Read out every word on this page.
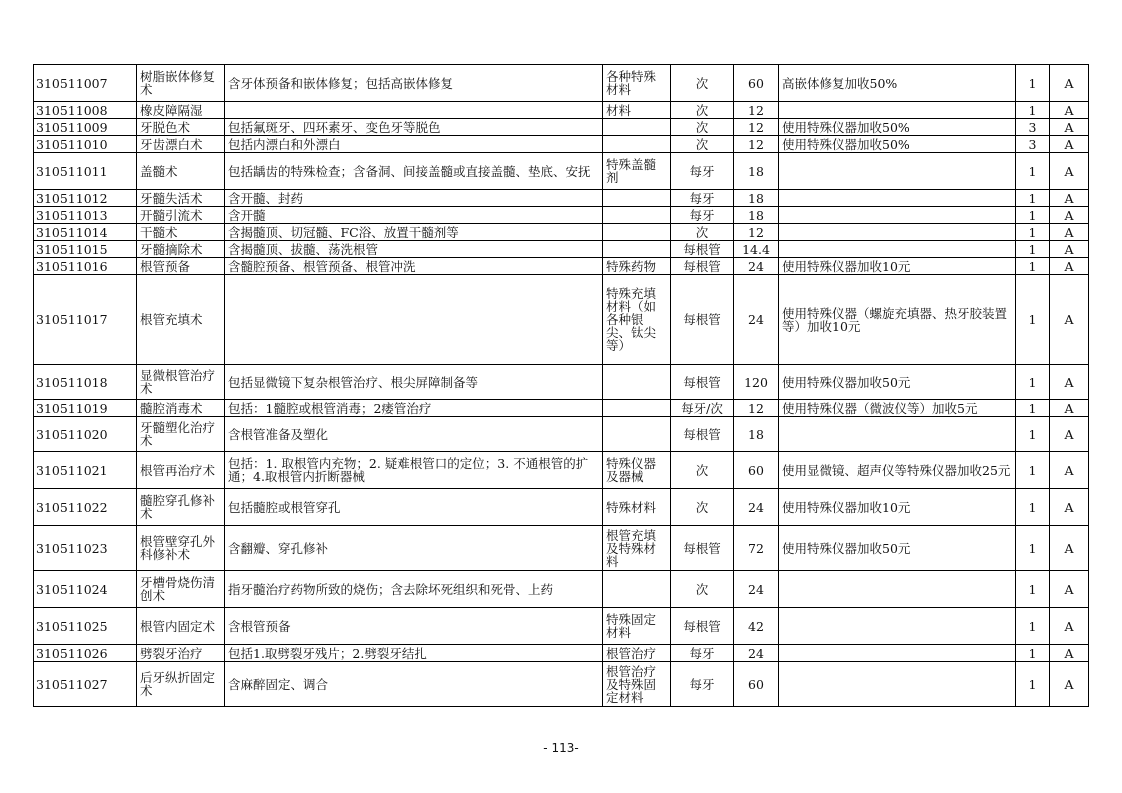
310511007	树脂嵌体修复术	含牙体预备和嵌体修复；包括高嵌体修复	各种特殊材料	次	60	高嵌体修复加收50%	1	A
310511008	橡皮障隔湿		材料	次	12		1	A
310511009	牙脱色术	包括氟斑牙、四环素牙、变色牙等脱色		次	12	使用特殊仪器加收50%	3	A
310511010	牙齿漂白术	包括内漂白和外漂白		次	12	使用特殊仪器加收50%	3	A
310511011	盖髓术	包括龋齿的特殊检查；含备洞、间接盖髓或直接盖髓、垫底、安抚	特殊盖髓剂	每牙	18		1	A
310511012	牙髓失活术	含开髓、封药		每牙	18		1	A
310511013	开髓引流术	含开髓		每牙	18		1	A
310511014	干髓术	含揭髓顶、切冠髓、FC浴、放置干髓剂等		次	12		1	A
310511015	牙髓摘除术	含揭髓顶、拔髓、荡洗根管		每根管	14.4		1	A
310511016	根管预备	含髓腔预备、根管预备、根管冲洗	特殊药物	每根管	24	使用特殊仪器加收10元	1	A
310511017	根管充填术		特殊充填材料（如各种银尖、钛尖等）	每根管	24	使用特殊仪器（螺旋充填器、热牙胶装置等）加收10元	1	A
310511018	显微根管治疗术	包括显微镜下复杂根管治疗、根尖屏障制备等		每根管	120	使用特殊仪器加收50元	1	A
310511019	髓腔消毒术	包括：1髓腔或根管消毒；2瘘管治疗		每牙/次	12	使用特殊仪器（微波仪等）加收5元	1	A
310511020	牙髓塑化治疗术	含根管准备及塑化		每根管	18		1	A
310511021	根管再治疗术	包括：1. 取根管内充物；2. 疑难根管口的定位；3. 不通根管的扩通；4.取根管内折断器械	特殊仪器及器械	次	60	使用显微镜、超声仪等特殊仪器加收25元	1	A
310511022	髓腔穿孔修补术	包括髓腔或根管穿孔	特殊材料	次	24	使用特殊仪器加收10元	1	A
310511023	根管壁穿孔外科修补术	含翻瓣、穿孔修补	根管充填及特殊材料	每根管	72	使用特殊仪器加收50元	1	A
310511024	牙槽骨烧伤清创术	指牙髓治疗药物所致的烧伤；含去除坏死组织和死骨、上药		次	24		1	A
310511025	根管内固定术	含根管预备	特殊固定材料	每根管	42		1	A
310511026	劈裂牙治疗	包括1.取劈裂牙残片；2.劈裂牙结扎	根管治疗	每牙	24		1	A
310511027	后牙纵折固定术	含麻醉固定、调合	根管治疗及特殊固定材料	每牙	60		1	A
- 113-
